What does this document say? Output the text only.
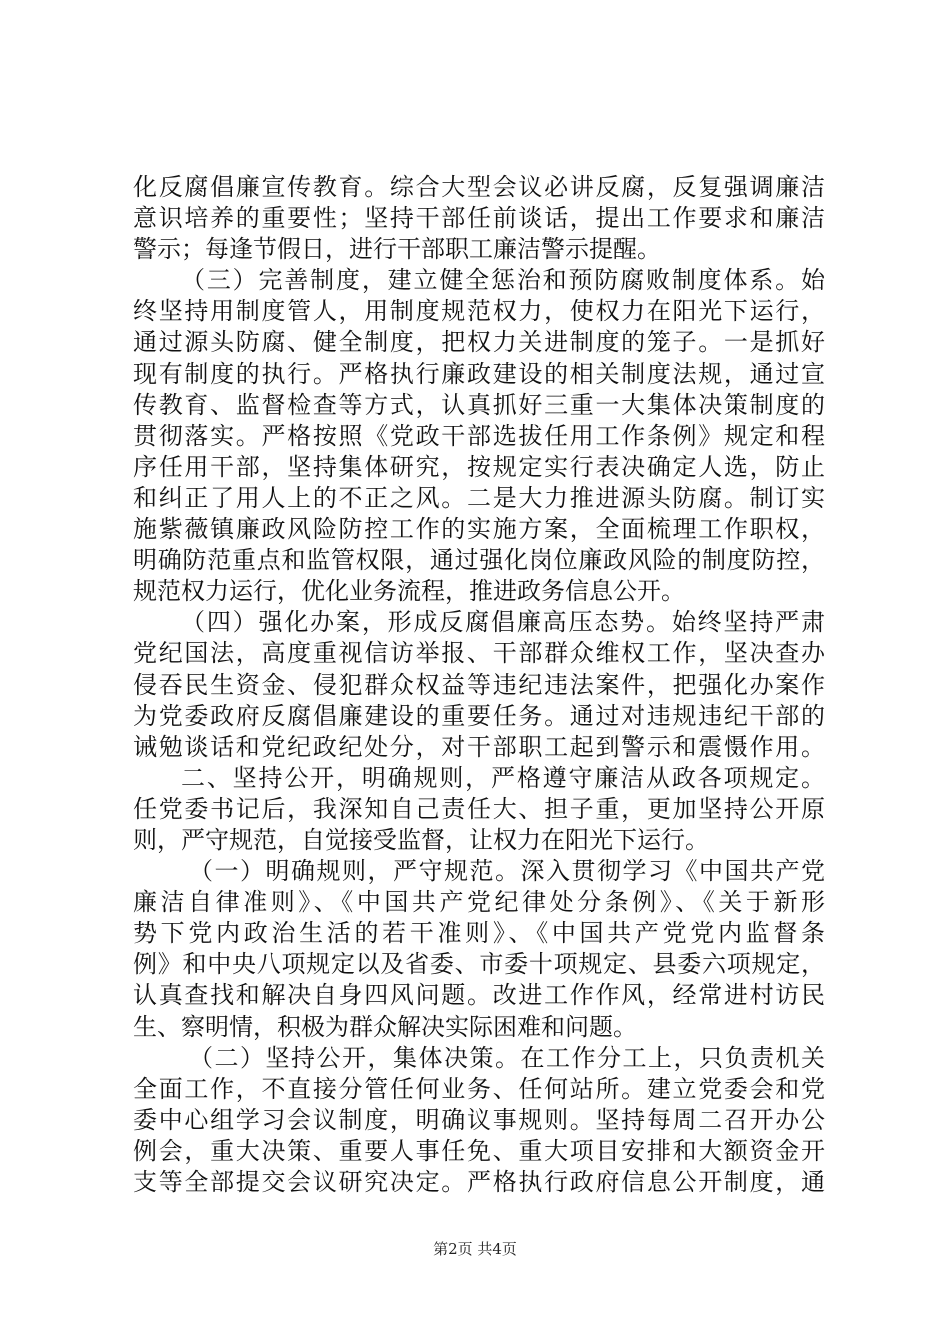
化反腐倡廉宣传教育。综合大型会议必讲反腐，反复强调廉洁
意识培养的重要性；坚持干部任前谈话，提出工作要求和廉洁
警示；每逢节假日，进行干部职工廉洁警示提醒。
（三）完善制度，建立健全惩治和预防腐败制度体系。始
终坚持用制度管人，用制度规范权力，使权力在阳光下运行，
通过源头防腐、健全制度，把权力关进制度的笼子。一是抓好
现有制度的执行。严格执行廉政建设的相关制度法规，通过宣
传教育、监督检查等方式，认真抓好三重一大集体决策制度的
贯彻落实。严格按照《党政干部选拔任用工作条例》规定和程
序任用干部，坚持集体研究，按规定实行表决确定人选，防止
和纠正了用人上的不正之风。二是大力推进源头防腐。制订实
施紫薇镇廉政风险防控工作的实施方案，全面梳理工作职权，
明确防范重点和监管权限，通过强化岗位廉政风险的制度防控，
规范权力运行，优化业务流程，推进政务信息公开。
（四）强化办案，形成反腐倡廉高压态势。始终坚持严肃
党纪国法，高度重视信访举报、干部群众维权工作，坚决查办
侵吞民生资金、侵犯群众权益等违纪违法案件，把强化办案作
为党委政府反腐倡廉建设的重要任务。通过对违规违纪干部的
诫勉谈话和党纪政纪处分，对干部职工起到警示和震慑作用。
二、坚持公开，明确规则，严格遵守廉洁从政各项规定。
任党委书记后，我深知自己责任大、担子重，更加坚持公开原
则，严守规范，自觉接受监督，让权力在阳光下运行。
（一）明确规则，严守规范。深入贯彻学习《中国共产党
廉洁自律准则》、《中国共产党纪律处分条例》、《关于新形
势下党内政治生活的若干准则》、《中国共产党党内监督条
例》和中央八项规定以及省委、市委十项规定、县委六项规定，
认真查找和解决自身四风问题。改进工作作风，经常进村访民
生、察明情，积极为群众解决实际困难和问题。
（二）坚持公开，集体决策。在工作分工上，只负责机关
全面工作，不直接分管任何业务、任何站所。建立党委会和党
委中心组学习会议制度，明确议事规则。坚持每周二召开办公
例会，重大决策、重要人事任免、重大项目安排和大额资金开
支等全部提交会议研究决定。严格执行政府信息公开制度，通
第2页 共4页
